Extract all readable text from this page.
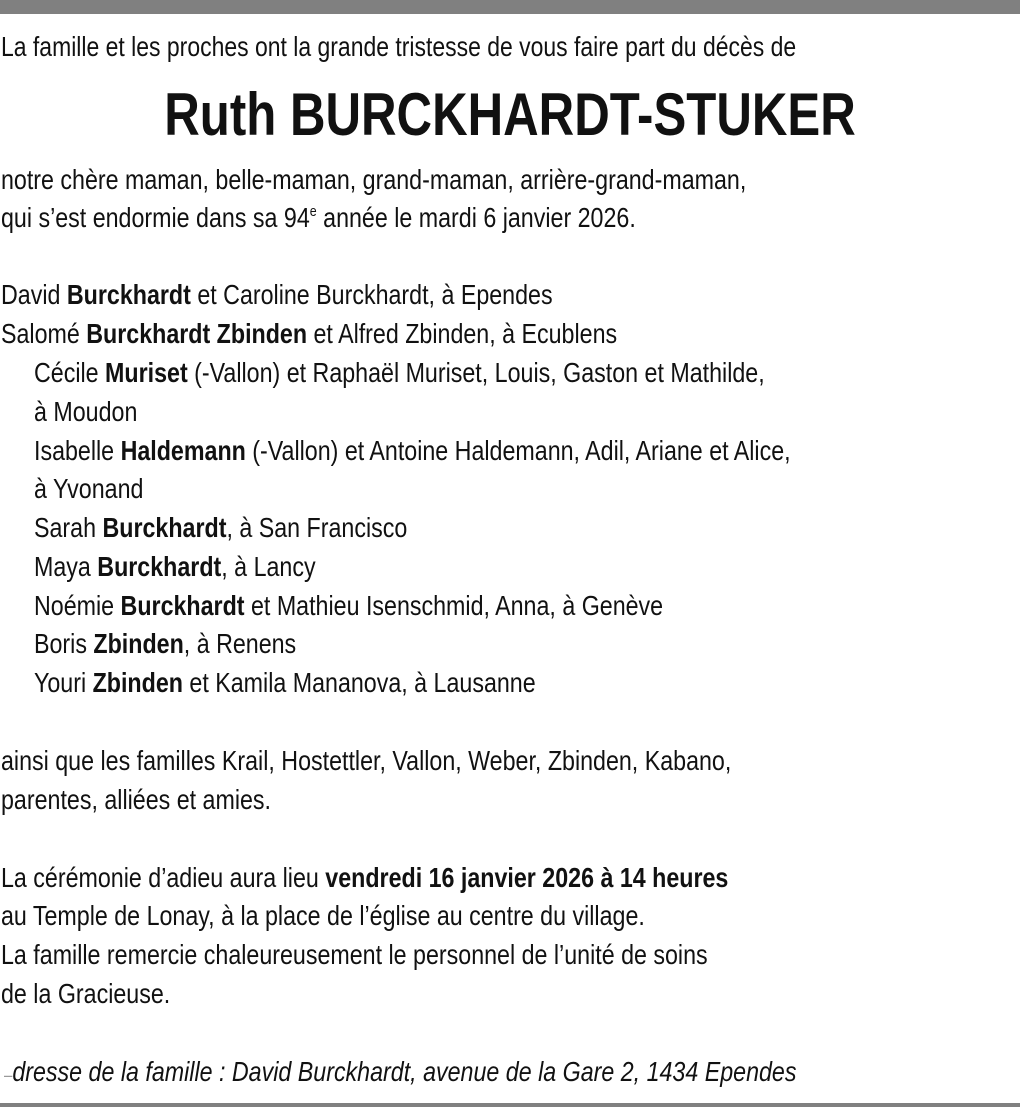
La famille et les proches ont la grande tristesse de vous faire part du décès de
Ruth BURCKHARDT-STUKER
notre chère maman, belle-maman, grand-maman, arrière-grand-maman,
qui s’est endormie dans sa 94e année le mardi 6 janvier 2026.
David Burckhardt et Caroline Burckhardt, à Ependes
Salomé Burckhardt Zbinden et Alfred Zbinden, à Ecublens
Cécile Muriset (-Vallon) et Raphaël Muriset, Louis, Gaston et Mathilde,
à Moudon
Isabelle Haldemann (-Vallon) et Antoine Haldemann, Adil, Ariane et Alice,
à Yvonand
Sarah Burckhardt, à San Francisco
Maya Burckhardt, à Lancy
Noémie Burckhardt et Mathieu Isenschmid, Anna, à Genève
Boris Zbinden, à Renens
Youri Zbinden et Kamila Mananova, à Lausanne
ainsi que les familles Krail, Hostettler, Vallon, Weber, Zbinden, Kabano,
parentes, alliées et amies.
La cérémonie d’adieu aura lieu vendredi 16 janvier 2026 à 14 heures
au Temple de Lonay, à la place de l’église au centre du village.
La famille remercie chaleureusement le personnel de l’unité de soins
de la Gracieuse.
–dresse de la famille : David Burckhardt, avenue de la Gare 2, 1434 Ependes
